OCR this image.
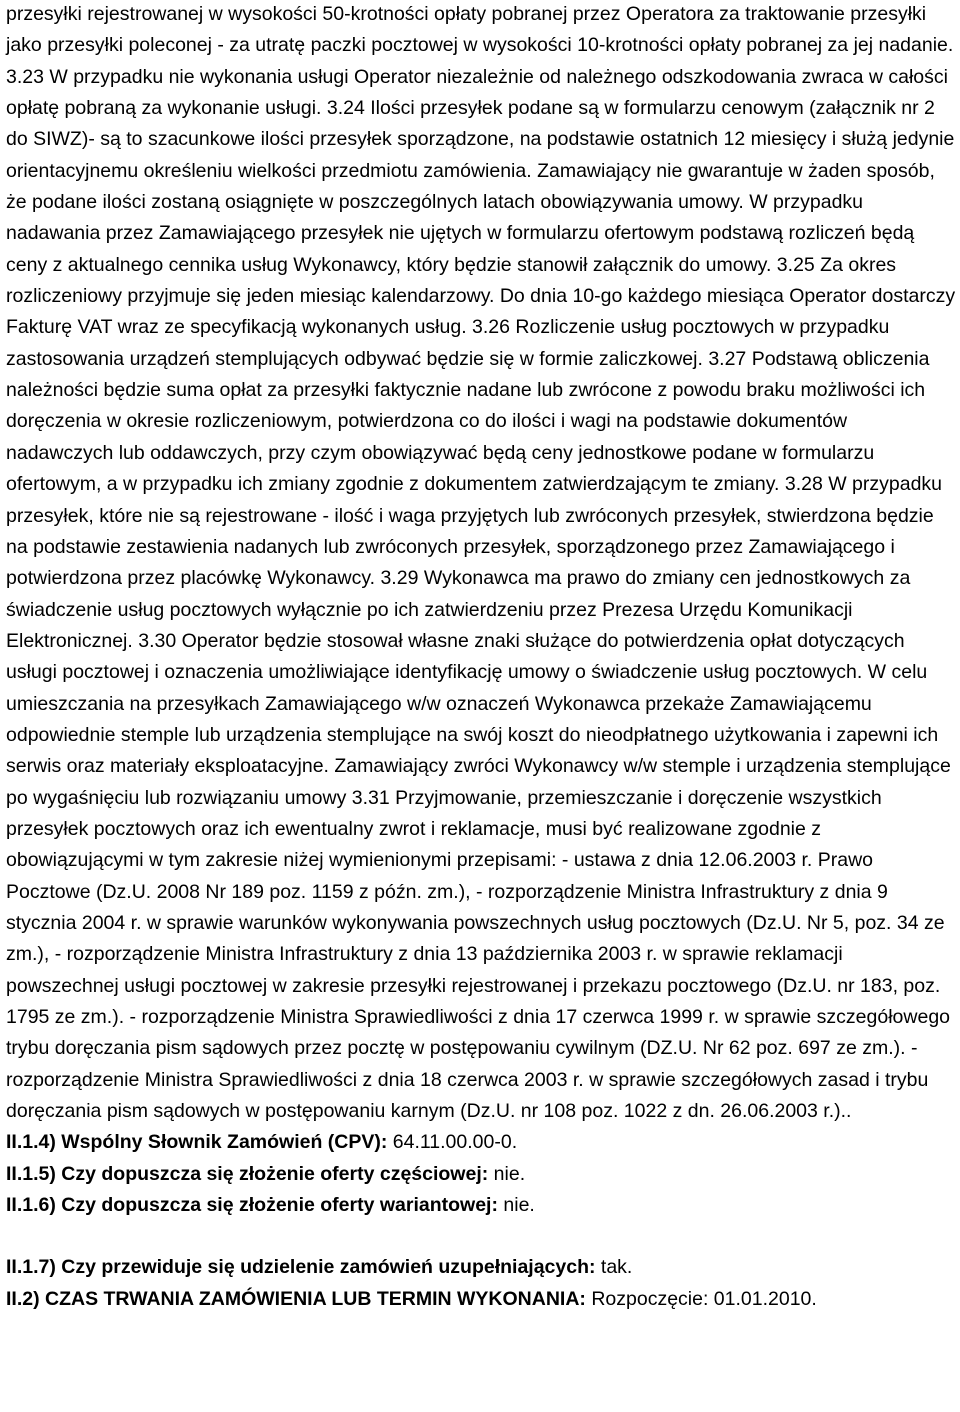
przesyłki rejestrowanej w wysokości 50-krotności opłaty pobranej przez Operatora za traktowanie przesyłki jako przesyłki poleconej - za utratę paczki pocztowej w wysokości 10-krotności opłaty pobranej za jej nadanie. 3.23 W przypadku nie wykonania usługi Operator niezależnie od należnego odszkodowania zwraca w całości opłatę pobraną za wykonanie usługi. 3.24 Ilości przesyłek podane są w formularzu cenowym (załącznik nr 2 do SIWZ)- są to szacunkowe ilości przesyłek sporządzone, na podstawie ostatnich 12 miesięcy i służą jedynie orientacyjnemu określeniu wielkości przedmiotu zamówienia. Zamawiający nie gwarantuje w żaden sposób, że podane ilości zostaną osiągnięte w poszczególnych latach obowiązywania umowy. W przypadku nadawania przez Zamawiającego przesyłek nie ujętych w formularzu ofertowym podstawą rozliczeń będą ceny z aktualnego cennika usług Wykonawcy, który będzie stanowił załącznik do umowy. 3.25 Za okres rozliczeniowy przyjmuje się jeden miesiąc kalendarzowy. Do dnia 10-go każdego miesiąca Operator dostarczy Fakturę VAT wraz ze specyfikacją wykonanych usług. 3.26 Rozliczenie usług pocztowych w przypadku zastosowania urządzeń stemplujących odbywać będzie się w formie zaliczkowej. 3.27 Podstawą obliczenia należności będzie suma opłat za przesyłki faktycznie nadane lub zwrócone z powodu braku możliwości ich doręczenia w okresie rozliczeniowym, potwierdzona co do ilości i wagi na podstawie dokumentów nadawczych lub oddawczych, przy czym obowiązywać będą ceny jednostkowe podane w formularzu ofertowym, a w przypadku ich zmiany zgodnie z dokumentem zatwierdzającym te zmiany. 3.28 W przypadku przesyłek, które nie są rejestrowane - ilość i waga przyjętych lub zwróconych przesyłek, stwierdzona będzie na podstawie zestawienia nadanych lub zwróconych przesyłek, sporządzonego przez Zamawiającego i potwierdzona przez placówkę Wykonawcy. 3.29 Wykonawca ma prawo do zmiany cen jednostkowych za świadczenie usług pocztowych wyłącznie po ich zatwierdzeniu przez Prezesa Urzędu Komunikacji Elektronicznej. 3.30 Operator będzie stosował własne znaki służące do potwierdzenia opłat dotyczących usługi pocztowej i oznaczenia umożliwiające identyfikację umowy o świadczenie usług pocztowych. W celu umieszczania na przesyłkach Zamawiającego w/w oznaczeń Wykonawca przekaże Zamawiającemu odpowiednie stemple lub urządzenia stemplujące na swój koszt do nieodpłatnego użytkowania i zapewni ich serwis oraz materiały eksploatacyjne. Zamawiający zwróci Wykonawcy w/w stemple i urządzenia stemplujące po wygaśnięciu lub rozwiązaniu umowy 3.31 Przyjmowanie, przemieszczanie i doręczenie wszystkich przesyłek pocztowych oraz ich ewentualny zwrot i reklamacje, musi być realizowane zgodnie z obowiązującymi w tym zakresie niżej wymienionymi przepisami: - ustawa z dnia 12.06.2003 r. Prawo Pocztowe (Dz.U. 2008 Nr 189 poz. 1159 z późn. zm.), - rozporządzenie Ministra Infrastruktury z dnia 9 stycznia 2004 r. w sprawie warunków wykonywania powszechnych usług pocztowych (Dz.U. Nr 5, poz. 34 ze zm.), - rozporządzenie Ministra Infrastruktury z dnia 13 października 2003 r. w sprawie reklamacji powszechnej usługi pocztowej w zakresie przesyłki rejestrowanej i przekazu pocztowego (Dz.U. nr 183, poz. 1795 ze zm.). - rozporządzenie Ministra Sprawiedliwości z dnia 17 czerwca 1999 r. w sprawie szczegółowego trybu doręczania pism sądowych przez pocztę w postępowaniu cywilnym (DZ.U. Nr 62 poz. 697 ze zm.). - rozporządzenie Ministra Sprawiedliwości z dnia 18 czerwca 2003 r. w sprawie szczegółowych zasad i trybu doręczania pism sądowych w postępowaniu karnym (Dz.U. nr 108 poz. 1022 z dn. 26.06.2003 r.)..

II.1.4) Wspólny Słownik Zamówień (CPV): 64.11.00.00-0.

II.1.5) Czy dopuszcza się złożenie oferty częściowej: nie.

II.1.6) Czy dopuszcza się złożenie oferty wariantowej: nie.

II.1.7) Czy przewiduje się udzielenie zamówień uzupełniających: tak.

II.2) CZAS TRWANIA ZAMÓWIENIA LUB TERMIN WYKONANIA: Rozpoczęcie: 01.01.2010.
